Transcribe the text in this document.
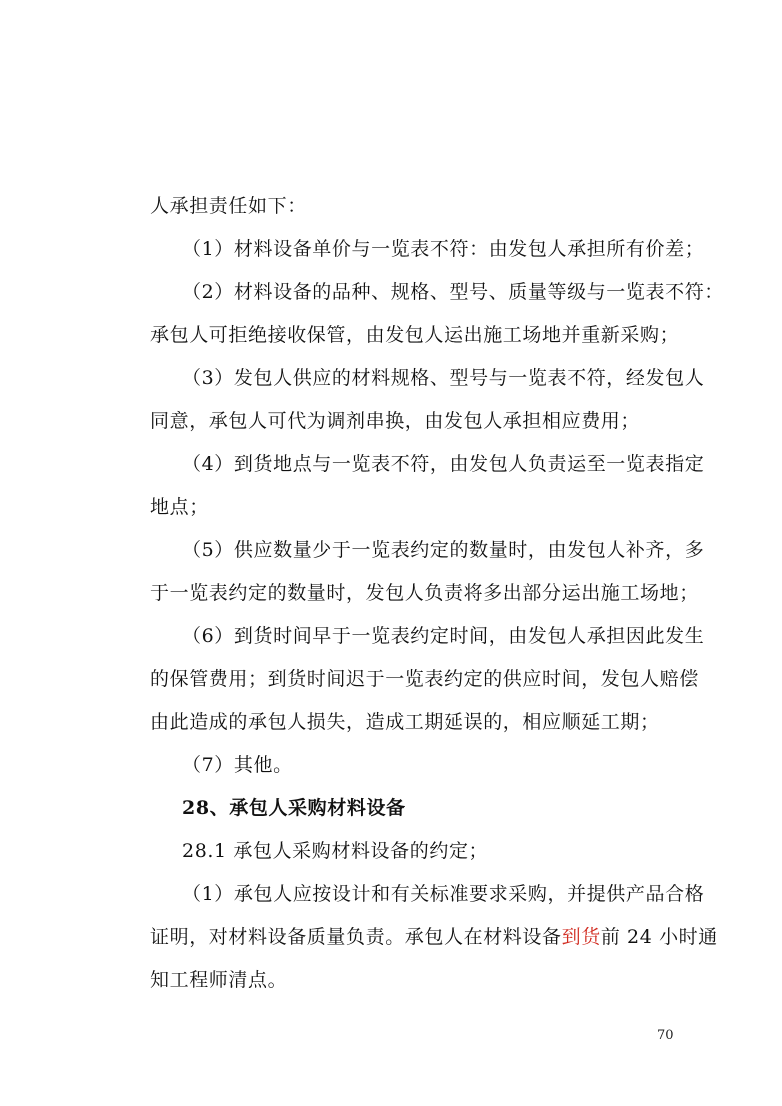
人承担责任如下：
（1）材料设备单价与一览表不符：由发包人承担所有价差；
（2）材料设备的品种、规格、型号、质量等级与一览表不符：
承包人可拒绝接收保管，由发包人运出施工场地并重新采购；
（3）发包人供应的材料规格、型号与一览表不符，经发包人
同意，承包人可代为调剂串换，由发包人承担相应费用；
（4）到货地点与一览表不符，由发包人负责运至一览表指定
地点；
（5）供应数量少于一览表约定的数量时，由发包人补齐，多
于一览表约定的数量时，发包人负责将多出部分运出施工场地；
（6）到货时间早于一览表约定时间，由发包人承担因此发生
的保管费用；到货时间迟于一览表约定的供应时间，发包人赔偿
由此造成的承包人损失，造成工期延误的，相应顺延工期；
（7）其他。
28、承包人采购材料设备
28.1 承包人采购材料设备的约定；
（1）承包人应按设计和有关标准要求采购，并提供产品合格
证明，对材料设备质量负责。承包人在材料设备到货前 24 小时通
知工程师清点。
70
